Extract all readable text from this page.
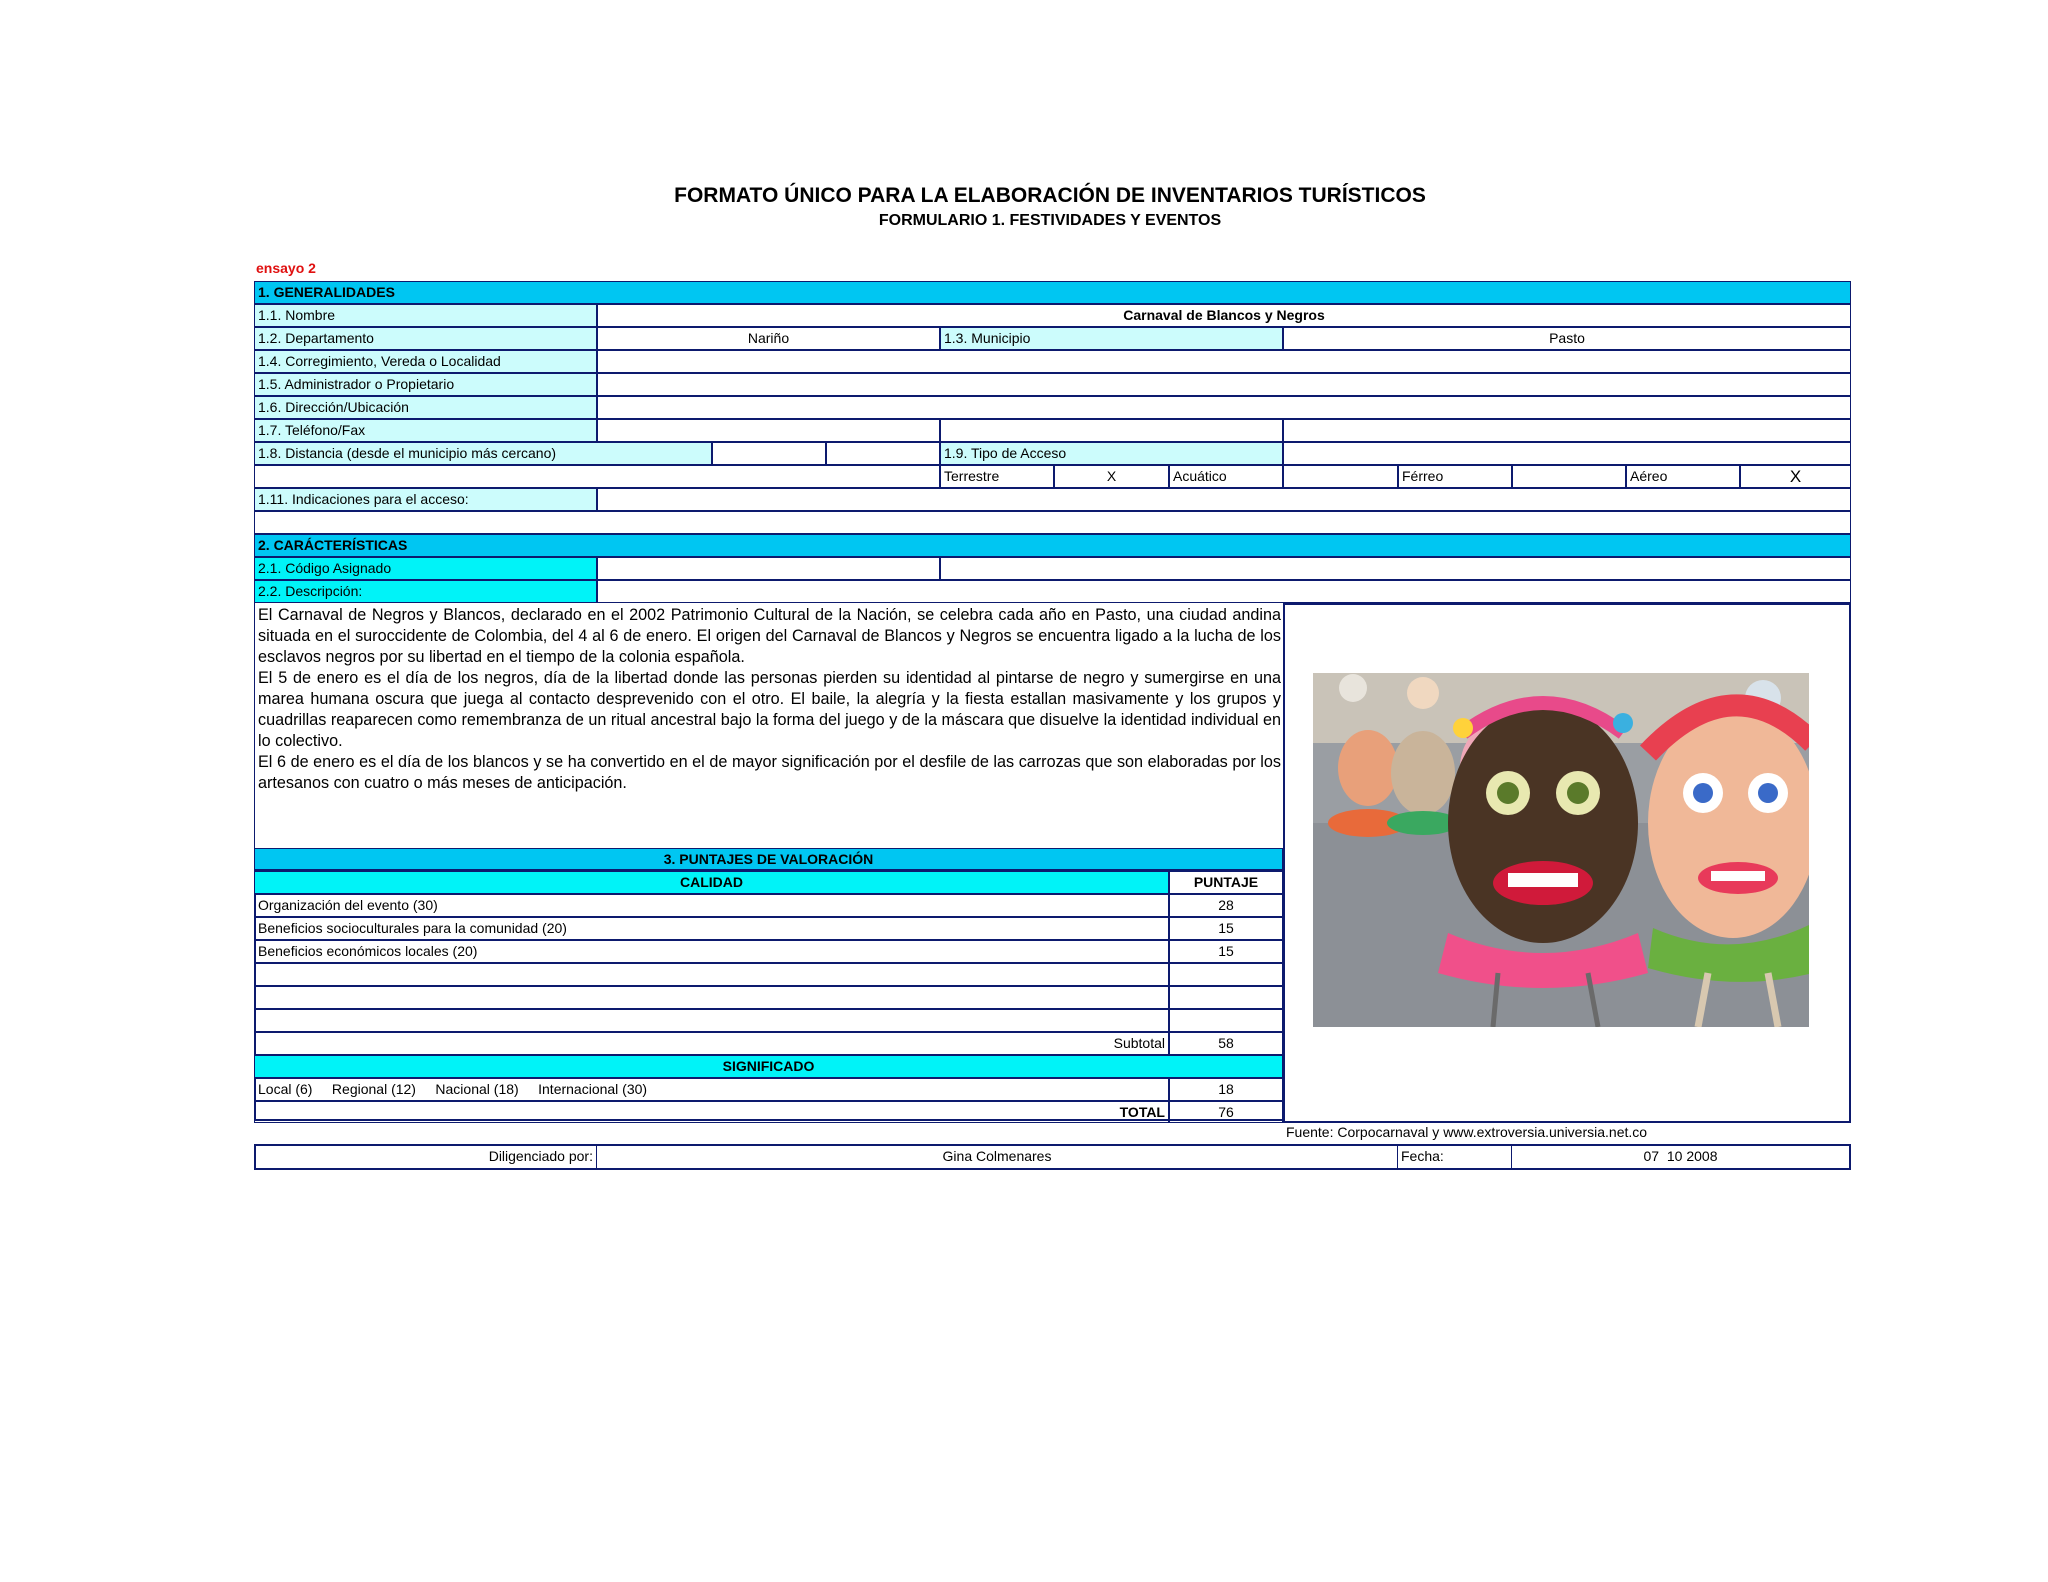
FORMATO ÚNICO PARA LA ELABORACIÓN DE INVENTARIOS TURÍSTICOS
FORMULARIO 1. FESTIVIDADES Y EVENTOS
ensayo 2
1. GENERALIDADES
1.1. Nombre	Carnaval de Blancos y Negros
1.2. Departamento	Nariño	1.3. Municipio	Pasto
1.4. Corregimiento, Vereda o Localidad
1.5. Administrador o Propietario
1.6. Dirección/Ubicación
1.7. Teléfono/Fax
1.8. Distancia (desde el municipio más cercano)	1.9. Tipo de Acceso
Terrestre	X	Acuático	Férreo	Aéreo	X
1.11. Indicaciones para el acceso:
2. CARÁCTERÍSTICAS
2.1. Código Asignado
2.2. Descripción:

El Carnaval de Negros y Blancos, declarado en el 2002 Patrimonio Cultural de la Nación, se celebra cada año en Pasto, una ciudad andina situada en el suroccidente de Colombia, del 4 al 6 de enero. El origen del Carnaval de Blancos y Negros se encuentra ligado a la lucha de los esclavos negros por su libertad en el tiempo de la colonia española.

El 5 de enero es el día de los negros, día de la libertad donde las personas pierden su identidad al pintarse de negro y sumergirse en una marea humana oscura que juega al contacto desprevenido con el otro. El baile, la alegría y la fiesta estallan masivamente y los grupos y cuadrillas reaparecen como remembranza de un ritual ancestral bajo la forma del juego y de la máscara que disuelve la identidad individual en lo colectivo.

El 6 de enero es el día de los blancos y se ha convertido en el de mayor significación por el desfile de las carrozas que son elaboradas por los artesanos con cuatro o más meses de anticipación.

3. PUNTAJES DE VALORACIÓN
CALIDAD	PUNTAJE
Organización del evento (30)	28
Beneficios socioculturales para la comunidad (20)	15
Beneficios económicos locales (20)	15
Subtotal	58
SIGNIFICADO
Local (6)     Regional (12)     Nacional (18)     Internacional (30)	18
TOTAL	76
Fuente: Corpocarnaval y www.extroversia.universia.net.co
Diligenciado por:	Gina Colmenares	Fecha:	07  10 2008
